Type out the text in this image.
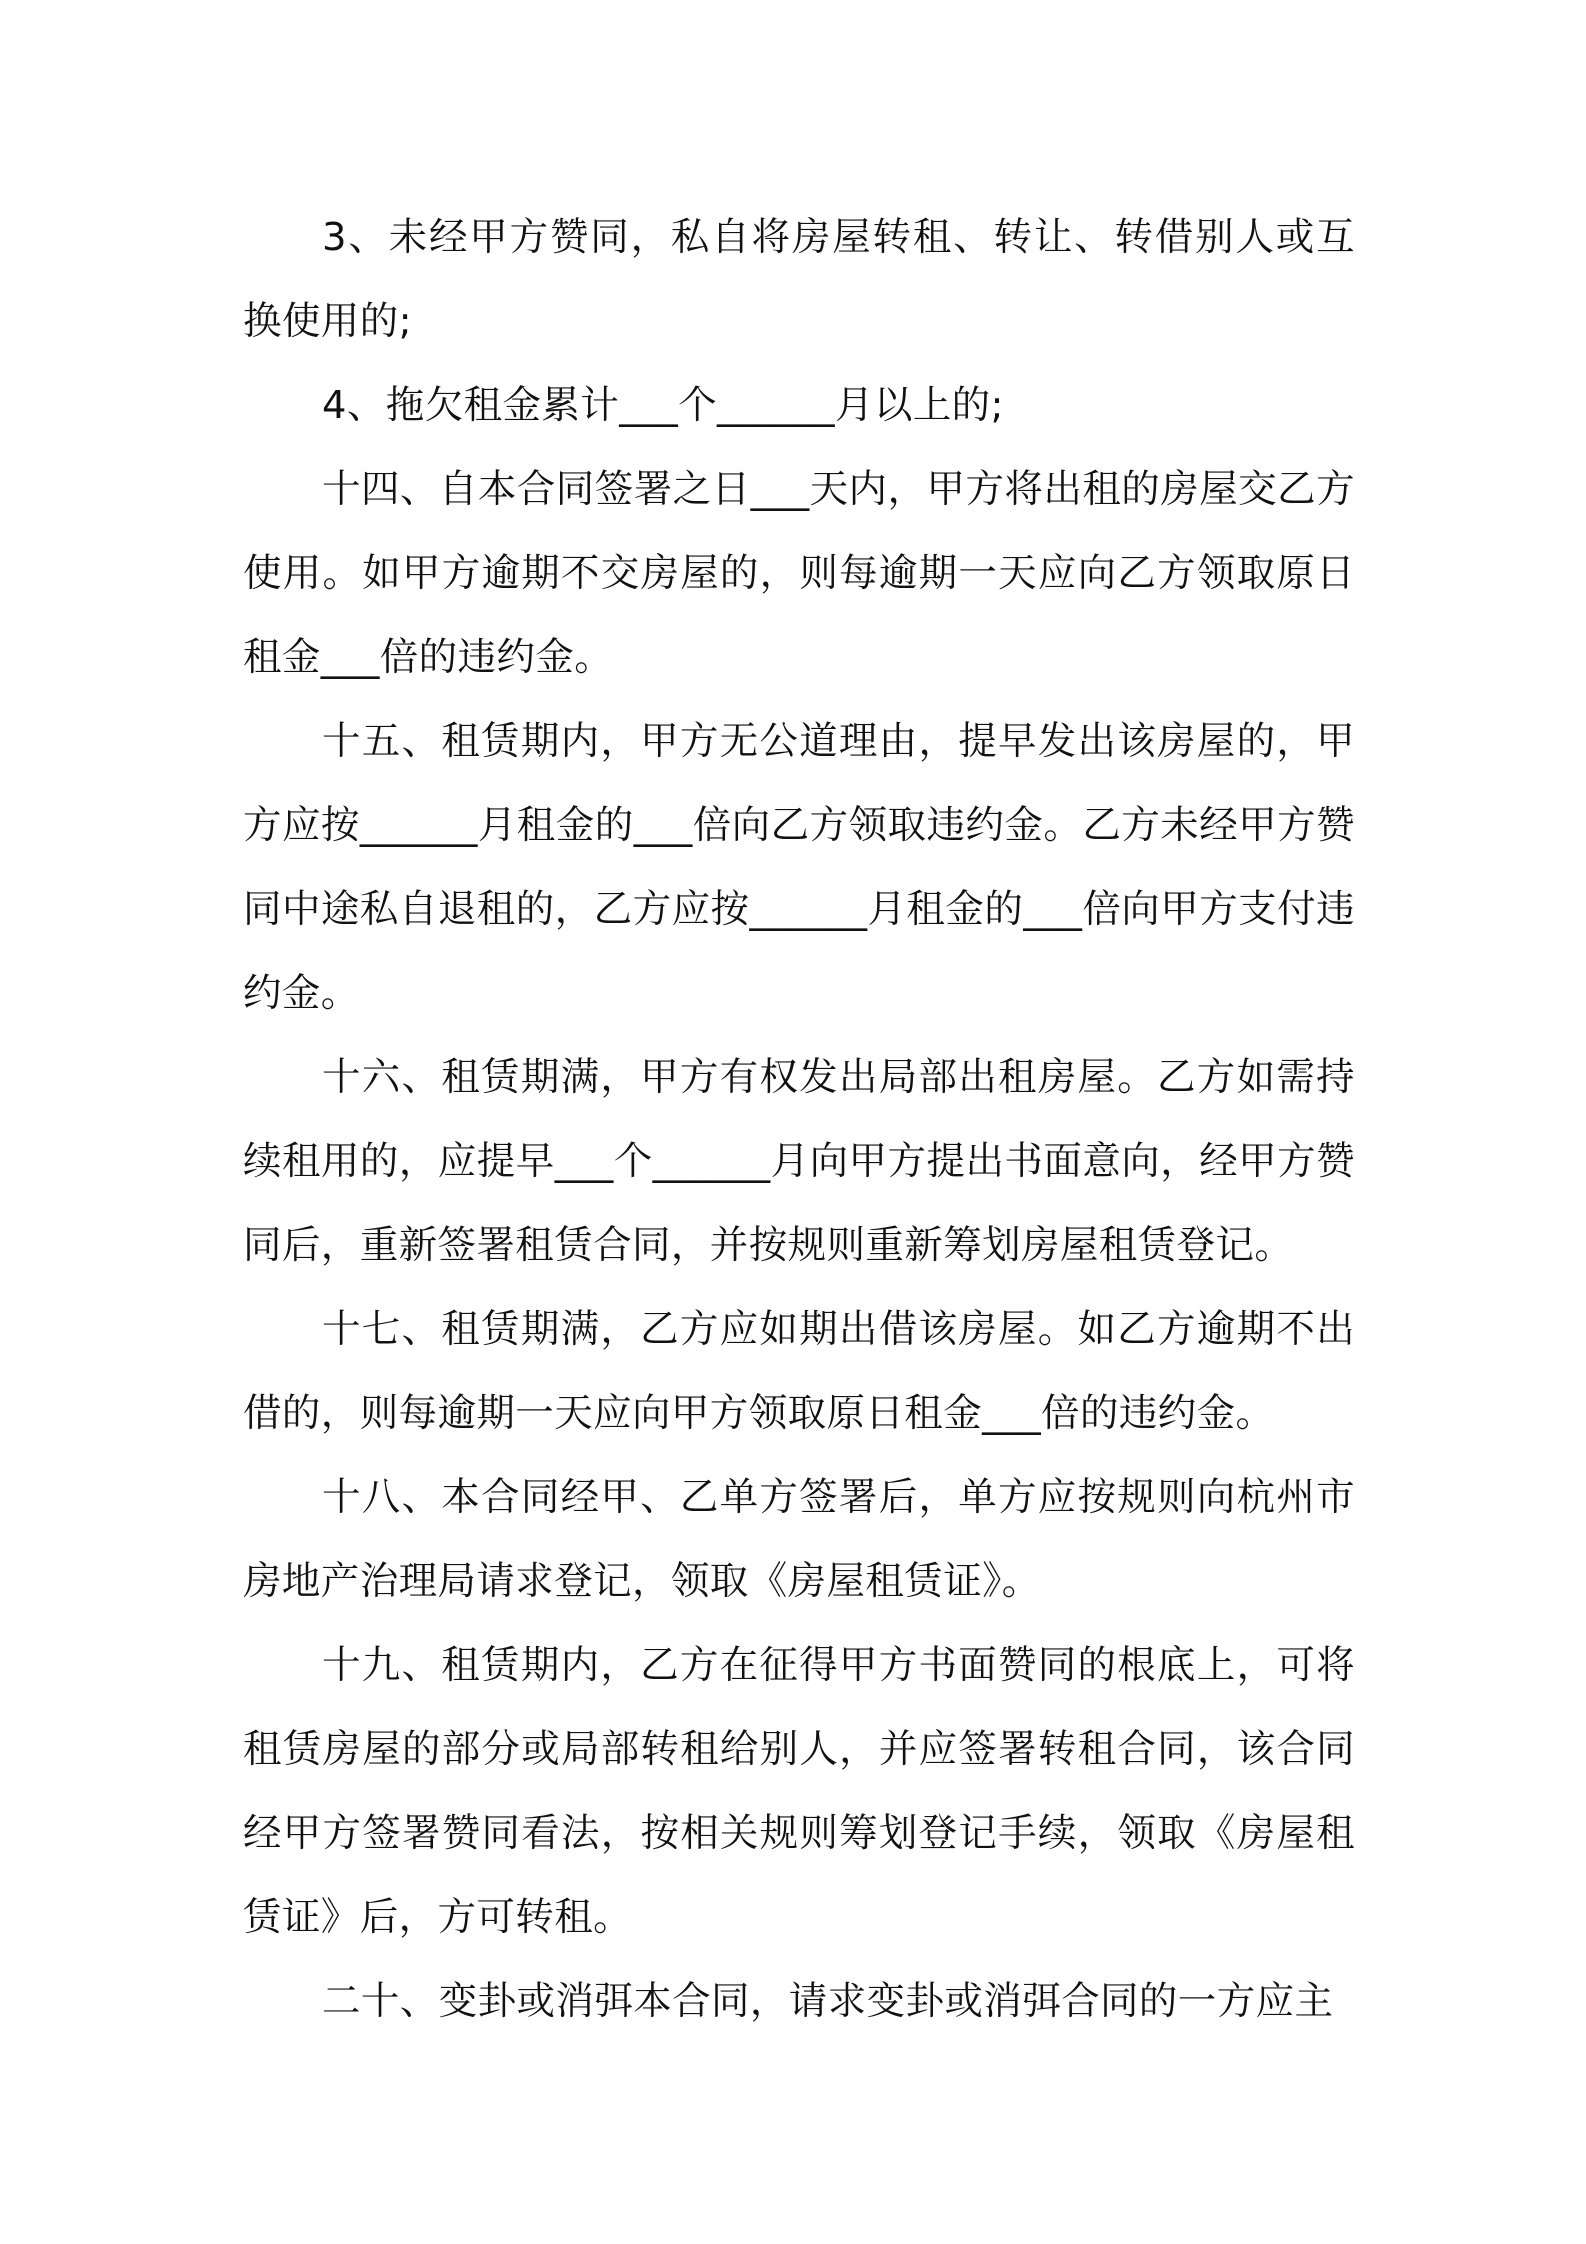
3、未经甲方赞同，私自将房屋转租、转让、转借别人或互换使用的;

4、拖欠租金累计___个______月以上的;

十四、自本合同签署之日___天内，甲方将出租的房屋交乙方使用。如甲方逾期不交房屋的，则每逾期一天应向乙方领取原日租金___倍的违约金。

十五、租赁期内，甲方无公道理由，提早发出该房屋的，甲方应按______月租金的___倍向乙方领取违约金。乙方未经甲方赞同中途私自退租的，乙方应按______月租金的___倍向甲方支付违约金。

十六、租赁期满，甲方有权发出局部出租房屋。乙方如需持续租用的，应提早___个______月向甲方提出书面意向，经甲方赞同后，重新签署租赁合同，并按规则重新筹划房屋租赁登记。

十七、租赁期满，乙方应如期出借该房屋。如乙方逾期不出借的，则每逾期一天应向甲方领取原日租金___倍的违约金。

十八、本合同经甲、乙单方签署后，单方应按规则向杭州市房地产治理局请求登记，领取《房屋租赁证》。

十九、租赁期内，乙方在征得甲方书面赞同的根底上，可将租赁房屋的部分或局部转租给别人，并应签署转租合同，该合同经甲方签署赞同看法，按相关规则筹划登记手续，领取《房屋租赁证》后，方可转租。

二十、变卦或消弭本合同，请求变卦或消弭合同的一方应主
